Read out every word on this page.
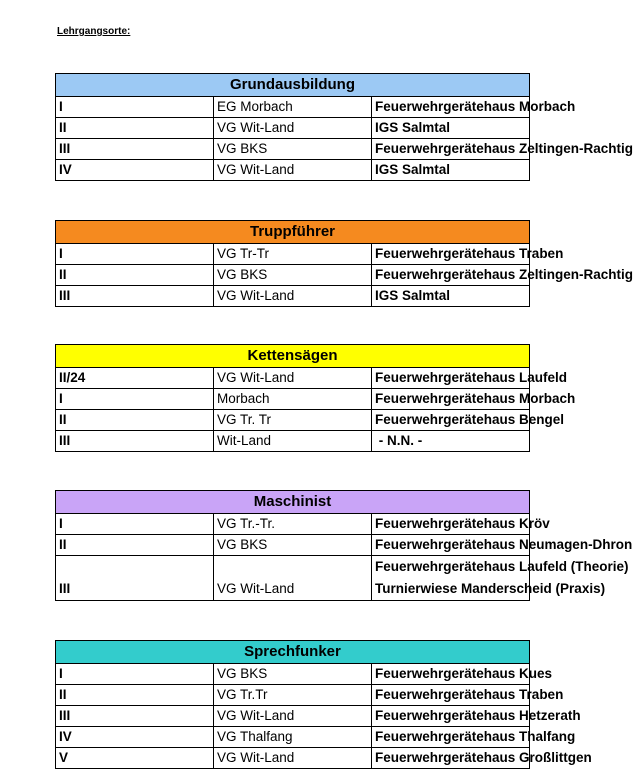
Lehrgangsorte:
Grundausbildung		
I	EG Morbach	Feuerwehrgerätehaus Morbach
II	VG Wit-Land	IGS Salmtal
III	VG BKS	Feuerwehrgerätehaus Zeltingen-Rachtig
IV	VG Wit-Land	IGS Salmtal
Truppführer		
I	VG Tr-Tr	Feuerwehrgerätehaus Traben
II	VG BKS	Feuerwehrgerätehaus Zeltingen-Rachtig
III	VG Wit-Land	IGS Salmtal
Kettensägen		
II/24	VG Wit-Land	Feuerwehrgerätehaus Laufeld
I	Morbach	Feuerwehrgerätehaus Morbach
II	VG Tr. Tr	Feuerwehrgerätehaus Bengel
III	Wit-Land	- N.N. -
Maschinist		
I	VG Tr.-Tr.	Feuerwehrgerätehaus Kröv
II	VG BKS	Feuerwehrgerätehaus Neumagen-Dhron

III	VG Wit-Land	Feuerwehrgerätehaus Laufeld (Theorie)
Turnierwiese Manderscheid (Praxis)
Sprechfunker		
I	VG BKS	Feuerwehrgerätehaus Kues
II	VG Tr.Tr	Feuerwehrgerätehaus Traben
III	VG Wit-Land	Feuerwehrgerätehaus Hetzerath
IV	VG Thalfang	Feuerwehrgerätehaus Thalfang
V	VG Wit-Land	Feuerwehrgerätehaus Großlittgen
